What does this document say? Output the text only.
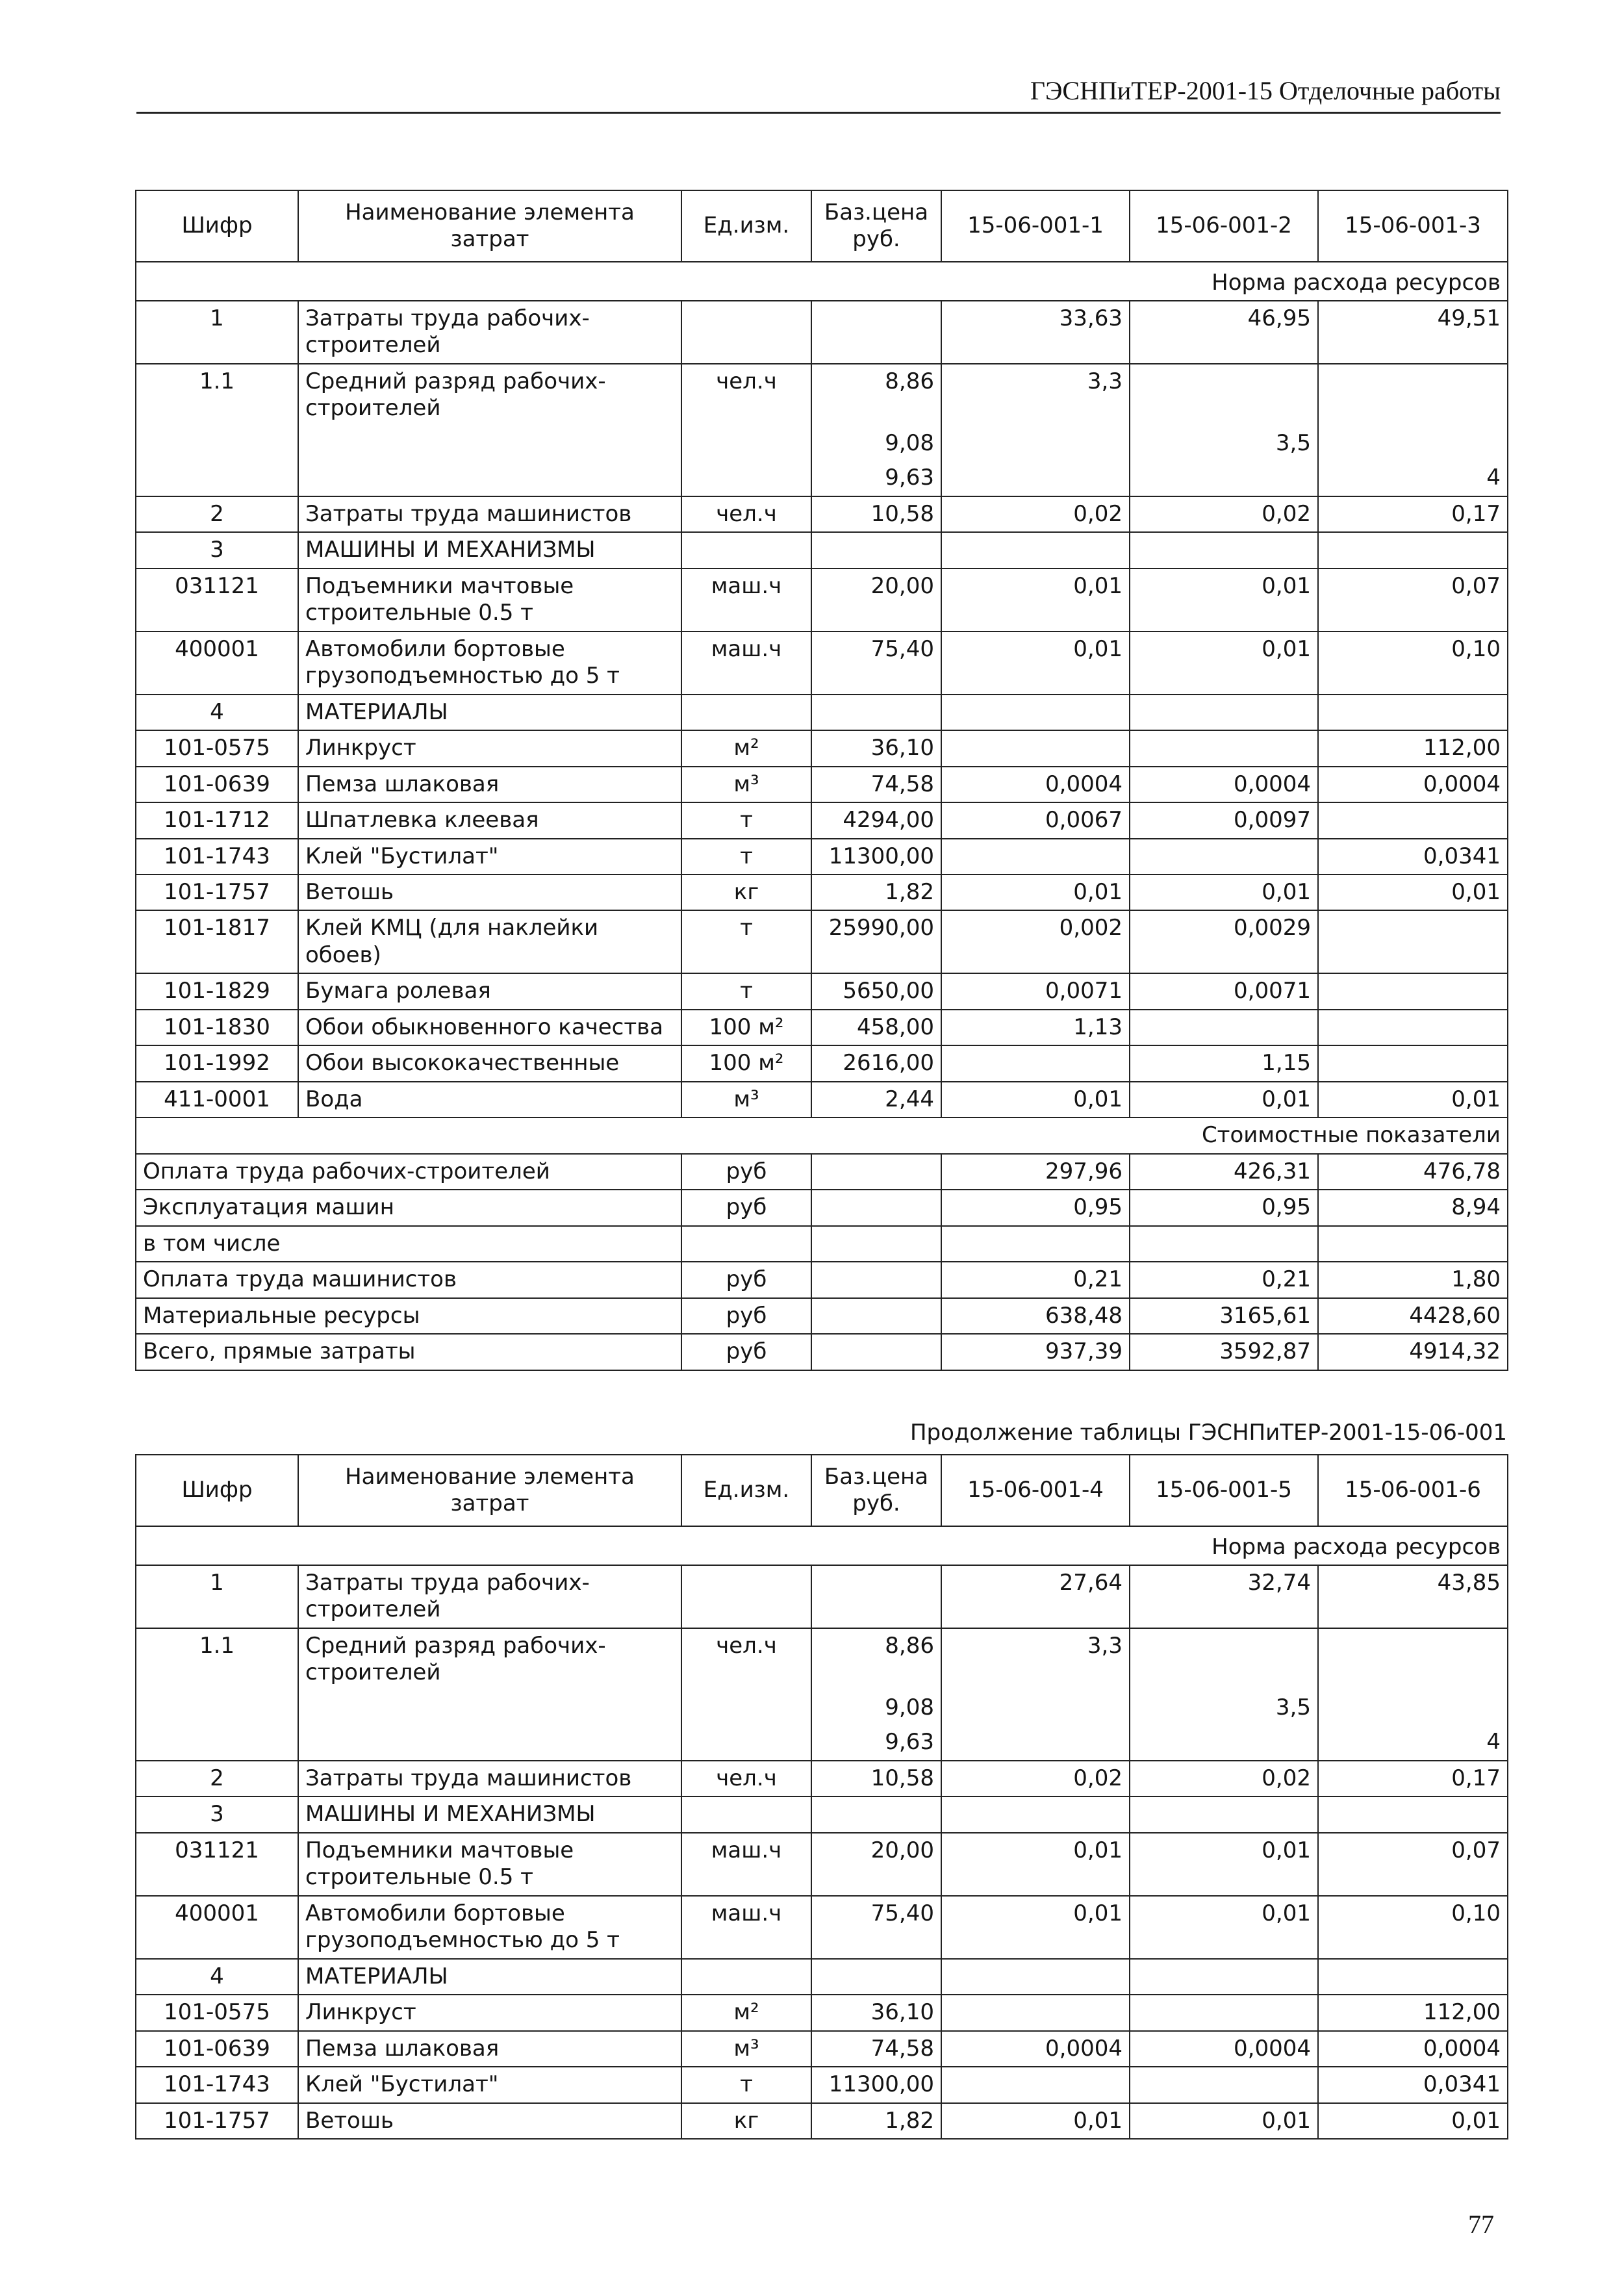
ГЭСНПиТЕР-2001-15 Отделочные работы
Шифр	Наименование элемента затрат	Ед.изм.	Баз.цена руб.	15-06-001-1	15-06-001-2	15-06-001-3
Норма расхода ресурсов						
1	Затраты труда рабочих-строителей			33,63	46,95	49,51
1.1	Средний разряд рабочих-строителей	чел.ч	8,86	3,3		
			9,08		3,5	
			9,63			4
2	Затраты труда машинистов	чел.ч	10,58	0,02	0,02	0,17
3	МАШИНЫ И МЕХАНИЗМЫ					
031121	Подъемники мачтовые строительные 0.5 т	маш.ч	20,00	0,01	0,01	0,07
400001	Автомобили бортовые грузоподъемностью до 5 т	маш.ч	75,40	0,01	0,01	0,10
4	МАТЕРИАЛЫ					
101-0575	Линкруст	м²	36,10			112,00
101-0639	Пемза шлаковая	м³	74,58	0,0004	0,0004	0,0004
101-1712	Шпатлевка клеевая	т	4294,00	0,0067	0,0097	
101-1743	Клей "Бустилат"	т	11300,00			0,0341
101-1757	Ветошь	кг	1,82	0,01	0,01	0,01
101-1817	Клей КМЦ (для наклейки обоев)	т	25990,00	0,002	0,0029	
101-1829	Бумага ролевая	т	5650,00	0,0071	0,0071	
101-1830	Обои обыкновенного качества	100 м²	458,00	1,13		
101-1992	Обои высококачественные	100 м²	2616,00		1,15	
411-0001	Вода	м³	2,44	0,01	0,01	0,01
Стоимостные показатели						
Оплата труда рабочих-строителей		руб		297,96	426,31	476,78
Эксплуатация машин		руб		0,95	0,95	8,94
в том числе						
Оплата труда машинистов		руб		0,21	0,21	1,80
Материальные ресурсы		руб		638,48	3165,61	4428,60
Всего, прямые затраты		руб		937,39	3592,87	4914,32
Продолжение таблицы ГЭСНПиТЕР-2001-15-06-001
Шифр	Наименование элемента затрат	Ед.изм.	Баз.цена руб.	15-06-001-4	15-06-001-5	15-06-001-6
Норма расхода ресурсов						
1	Затраты труда рабочих-строителей			27,64	32,74	43,85
1.1	Средний разряд рабочих-строителей	чел.ч	8,86	3,3		
			9,08		3,5	
			9,63			4
2	Затраты труда машинистов	чел.ч	10,58	0,02	0,02	0,17
3	МАШИНЫ И МЕХАНИЗМЫ					
031121	Подъемники мачтовые строительные 0.5 т	маш.ч	20,00	0,01	0,01	0,07
400001	Автомобили бортовые грузоподъемностью до 5 т	маш.ч	75,40	0,01	0,01	0,10
4	МАТЕРИАЛЫ					
101-0575	Линкруст	м²	36,10			112,00
101-0639	Пемза шлаковая	м³	74,58	0,0004	0,0004	0,0004
101-1743	Клей "Бустилат"	т	11300,00			0,0341
101-1757	Ветошь	кг	1,82	0,01	0,01	0,01
77
